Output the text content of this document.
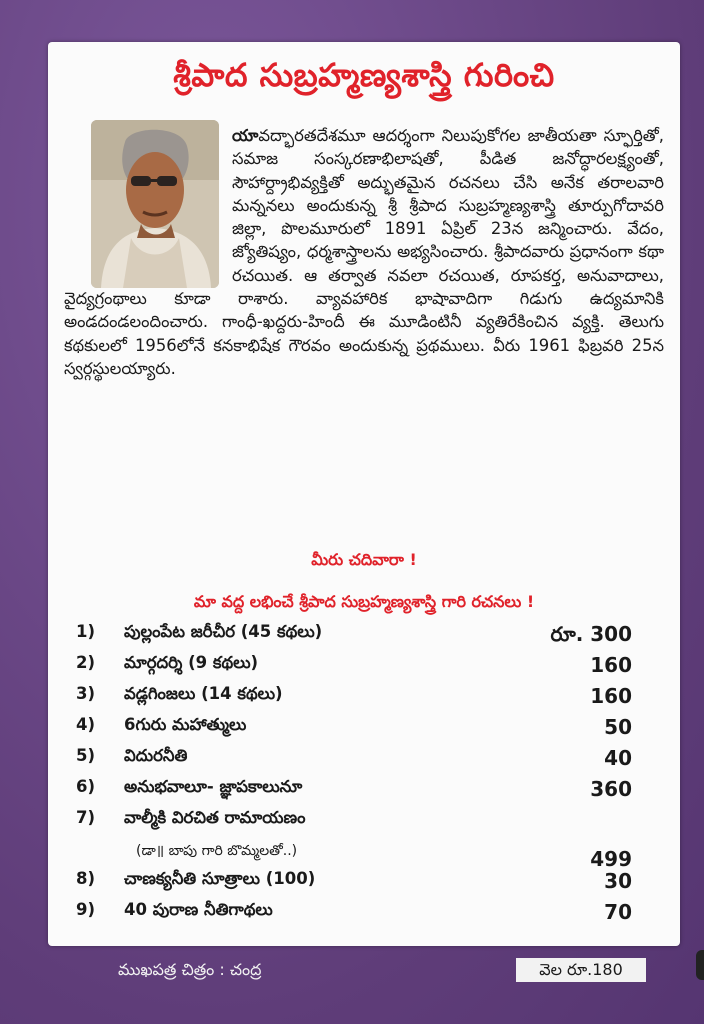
శ్రీపాద సుబ్రహ్మణ్యశాస్త్రి గురించి
యావద్భారతదేశమూ ఆదర్శంగా నిలుపుకోగల జాతీయతా స్ఫూర్తితో, సమాజ సంస్కరణాభిలాషతో, పీడిత జనోద్ధారలక్ష్యంతో, సౌహార్ద్రాభివ్యక్తితో అద్భుతమైన రచనలు చేసి అనేక తరాలవారి మన్ననలు అందుకున్న శ్రీ శ్రీపాద సుబ్రహ్మణ్యశాస్త్రి తూర్పుగోదావరి జిల్లా, పొలమూరులో 1891 ఏప్రిల్ 23న జన్మించారు. వేదం, జ్యోతిష్యం, ధర్మశాస్త్రాలను అభ్యసించారు. శ్రీపాదవారు ప్రధానంగా కథా రచయిత. ఆ తర్వాత నవలా రచయిత, రూపకర్త, అనువాదాలు, వైద్యగ్రంథాలు కూడా రాశారు. వ్యావహారిక భాషావాదిగా గిడుగు ఉద్యమానికి అండదండలందించారు. గాంధీ-ఖద్దరు-హిందీ ఈ మూడింటినీ వ్యతిరేకించిన వ్యక్తి. తెలుగు కథకులలో 1956లోనే కనకాభిషేక గౌరవం అందుకున్న ప్రథములు. వీరు 1961 ఫిబ్రవరి 25న స్వర్గస్థులయ్యారు.
మీరు చదివారా !
మా వద్ద లభించే శ్రీపాద సుబ్రహ్మణ్యశాస్త్రి గారి రచనలు !
1)	పుల్లంపేట జరీచీర (45 కథలు)	రూ. 300
2)	మార్గదర్శి (9 కథలు)	160
3)	వడ్లగింజలు (14 కథలు)	160
4)	6గురు మహాత్ములు	50
5)	విదురనీతి	40
6)	అనుభవాలూ- జ్ఞాపకాలునూ	360
7)	వాల్మీకి విరచిత రామాయణం
(డా॥ బాపు గారి బొమ్మలతో..)	499
8)	చాణక్యనీతి సూత్రాలు (100)	30
9)	40 పురాణ నీతిగాథలు	70
ముఖపత్ర చిత్రం : చంద్ర	వెల రూ.180
